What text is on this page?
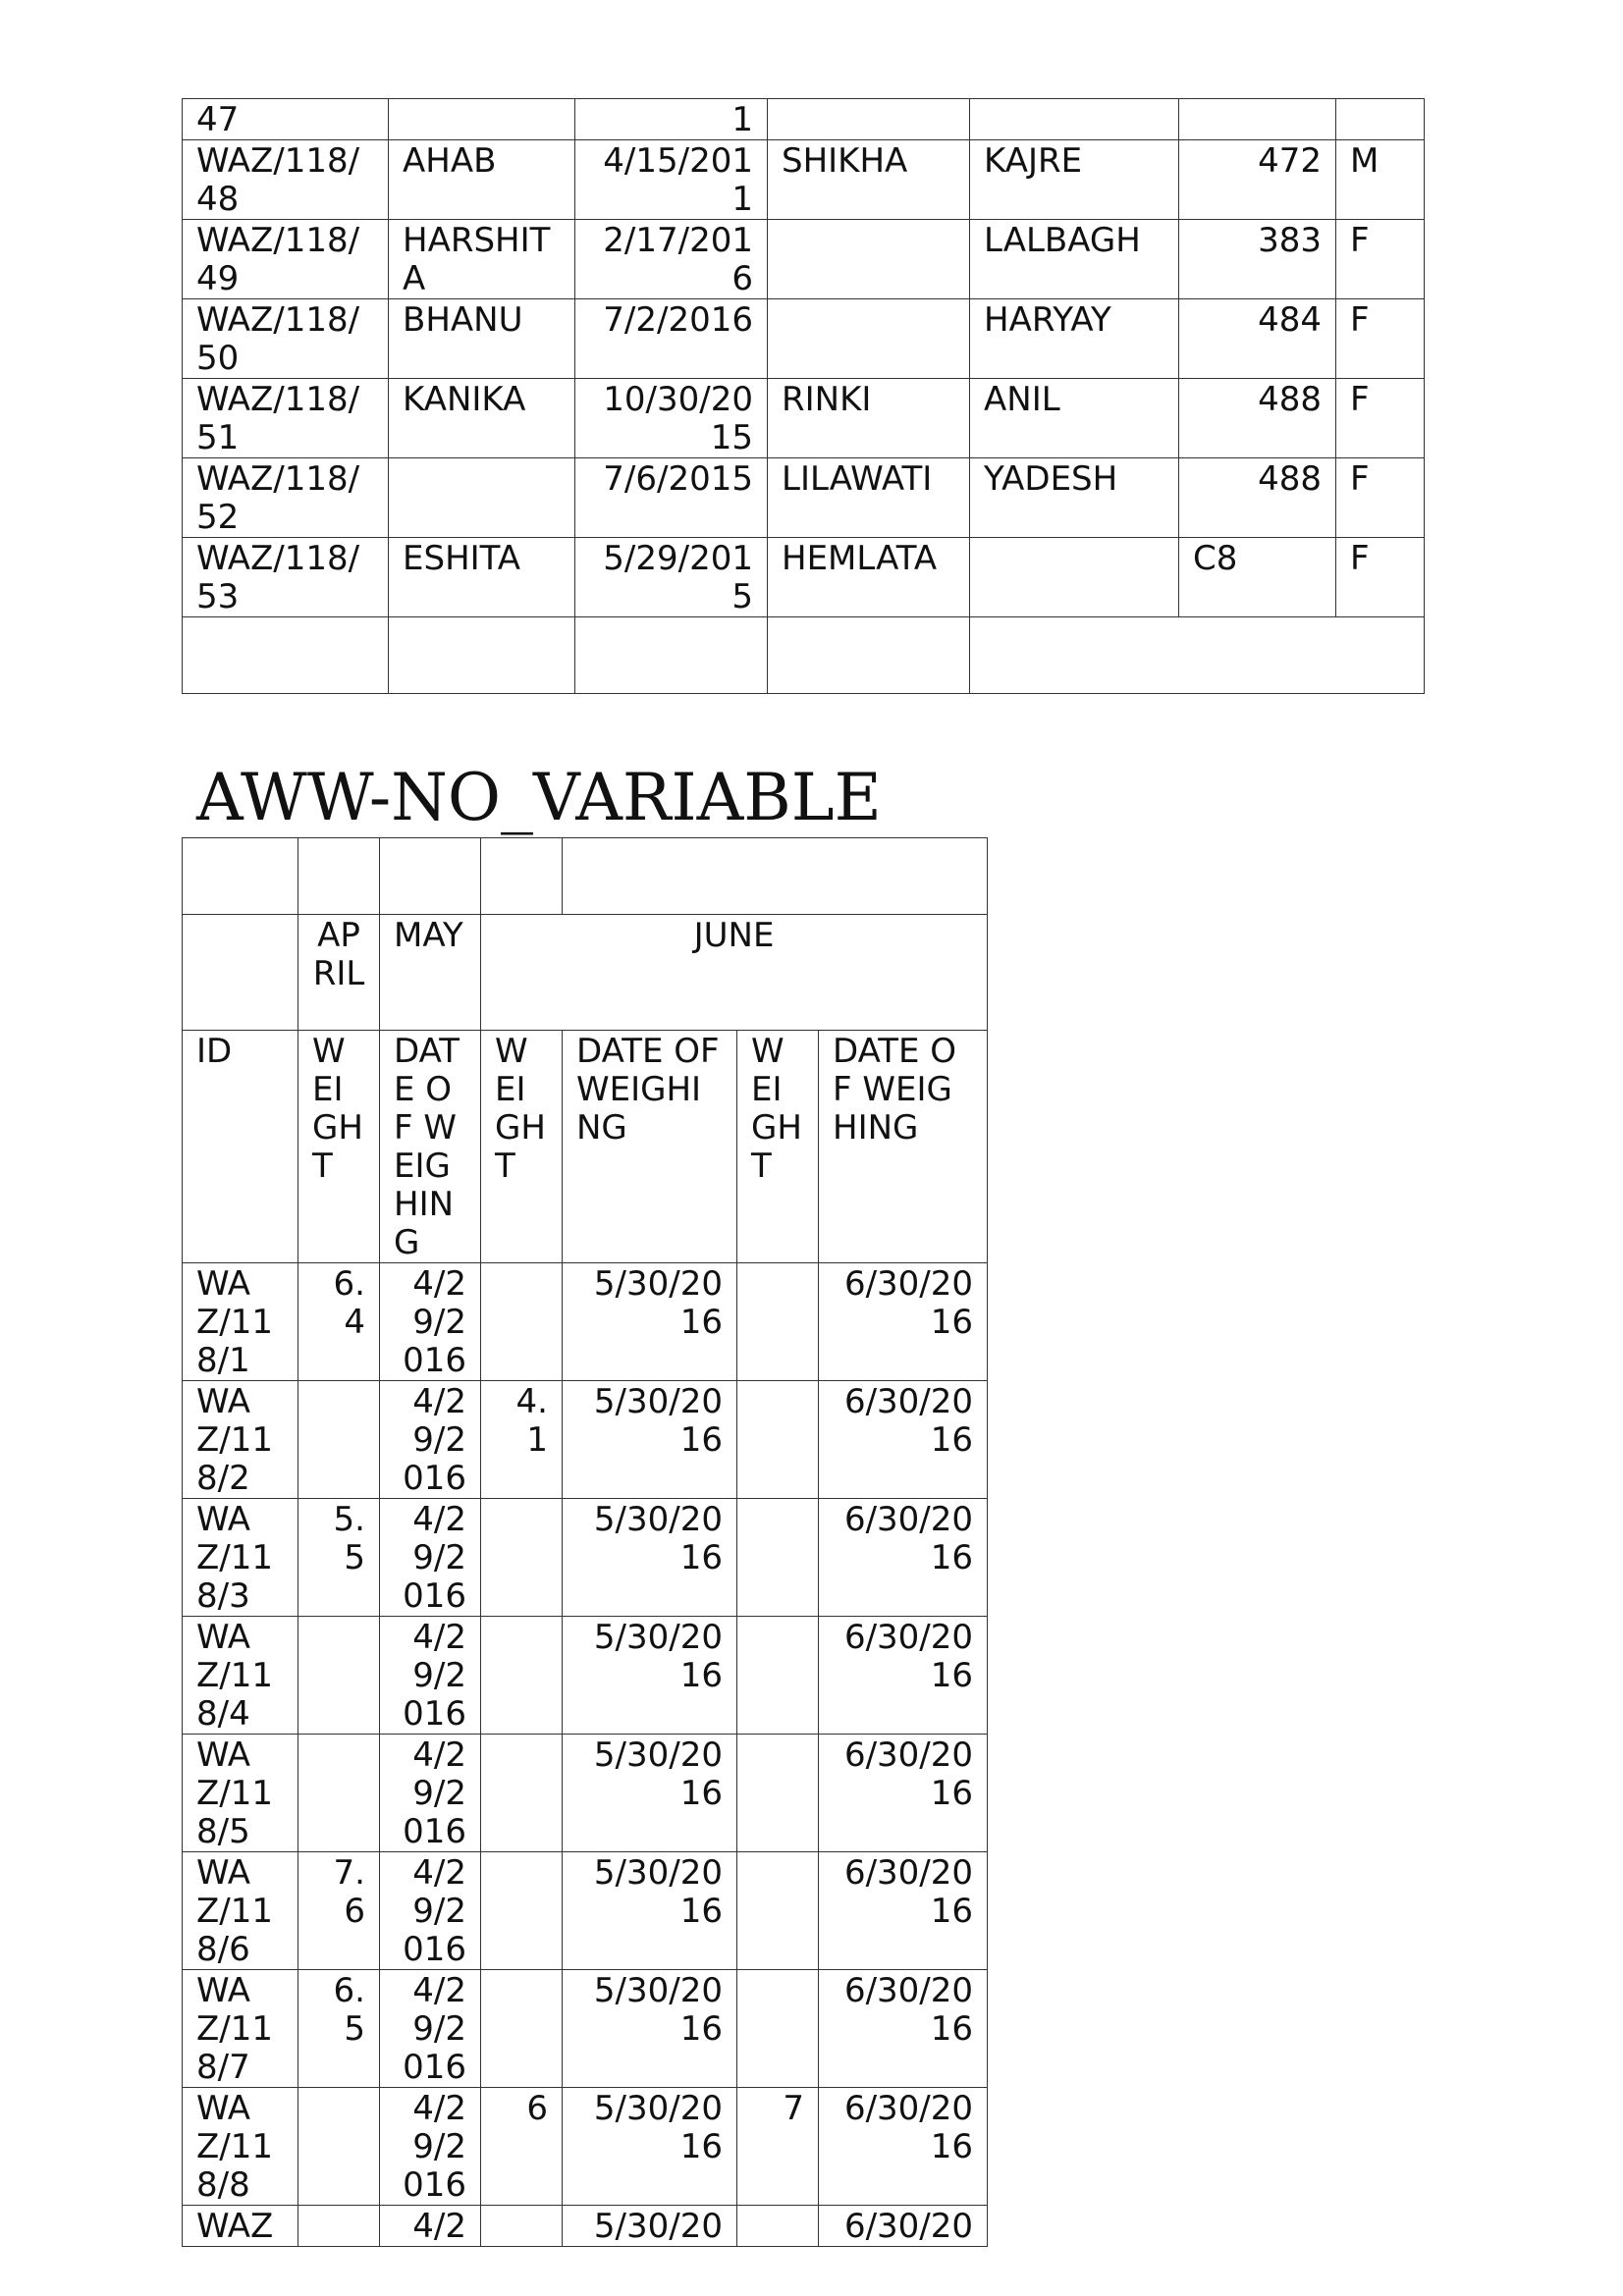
47		1				
WAZ/118/48	AHAB	4/15/2011	SHIKHA	KAJRE	472	M
WAZ/118/49	HARSHITA	2/17/2016		LALBAGH	383	F
WAZ/118/50	BHANU	7/2/2016		HARYAY	484	F
WAZ/118/51	KANIKA	10/30/2015	RINKI	ANIL	488	F
WAZ/118/52		7/6/2015	LILAWATI	YADESH	488	F
WAZ/118/53	ESHITA	5/29/2015	HEMLATA		C8	F

AWW-NO_VARIABLE

	APRIL	MAY	JUNE			
ID	WEIGHT	DATE OF WEIGHING	WEIGHT	DATE OF WEIGHING	WEIGHT	DATE OF WEIGHING
WAZ/118/1	6.4	4/29/2016		5/30/2016		6/30/2016
WAZ/118/2		4/29/2016	4.1	5/30/2016		6/30/2016
WAZ/118/3	5.5	4/29/2016		5/30/2016		6/30/2016
WAZ/118/4		4/29/2016		5/30/2016		6/30/2016
WAZ/118/5		4/29/2016		5/30/2016		6/30/2016
WAZ/118/6	7.6	4/29/2016		5/30/2016		6/30/2016
WAZ/118/7	6.5	4/29/2016		5/30/2016		6/30/2016
WAZ/118/8		4/29/2016	6	5/30/2016	7	6/30/2016
WAZ		4/2		5/30/20		6/30/20
